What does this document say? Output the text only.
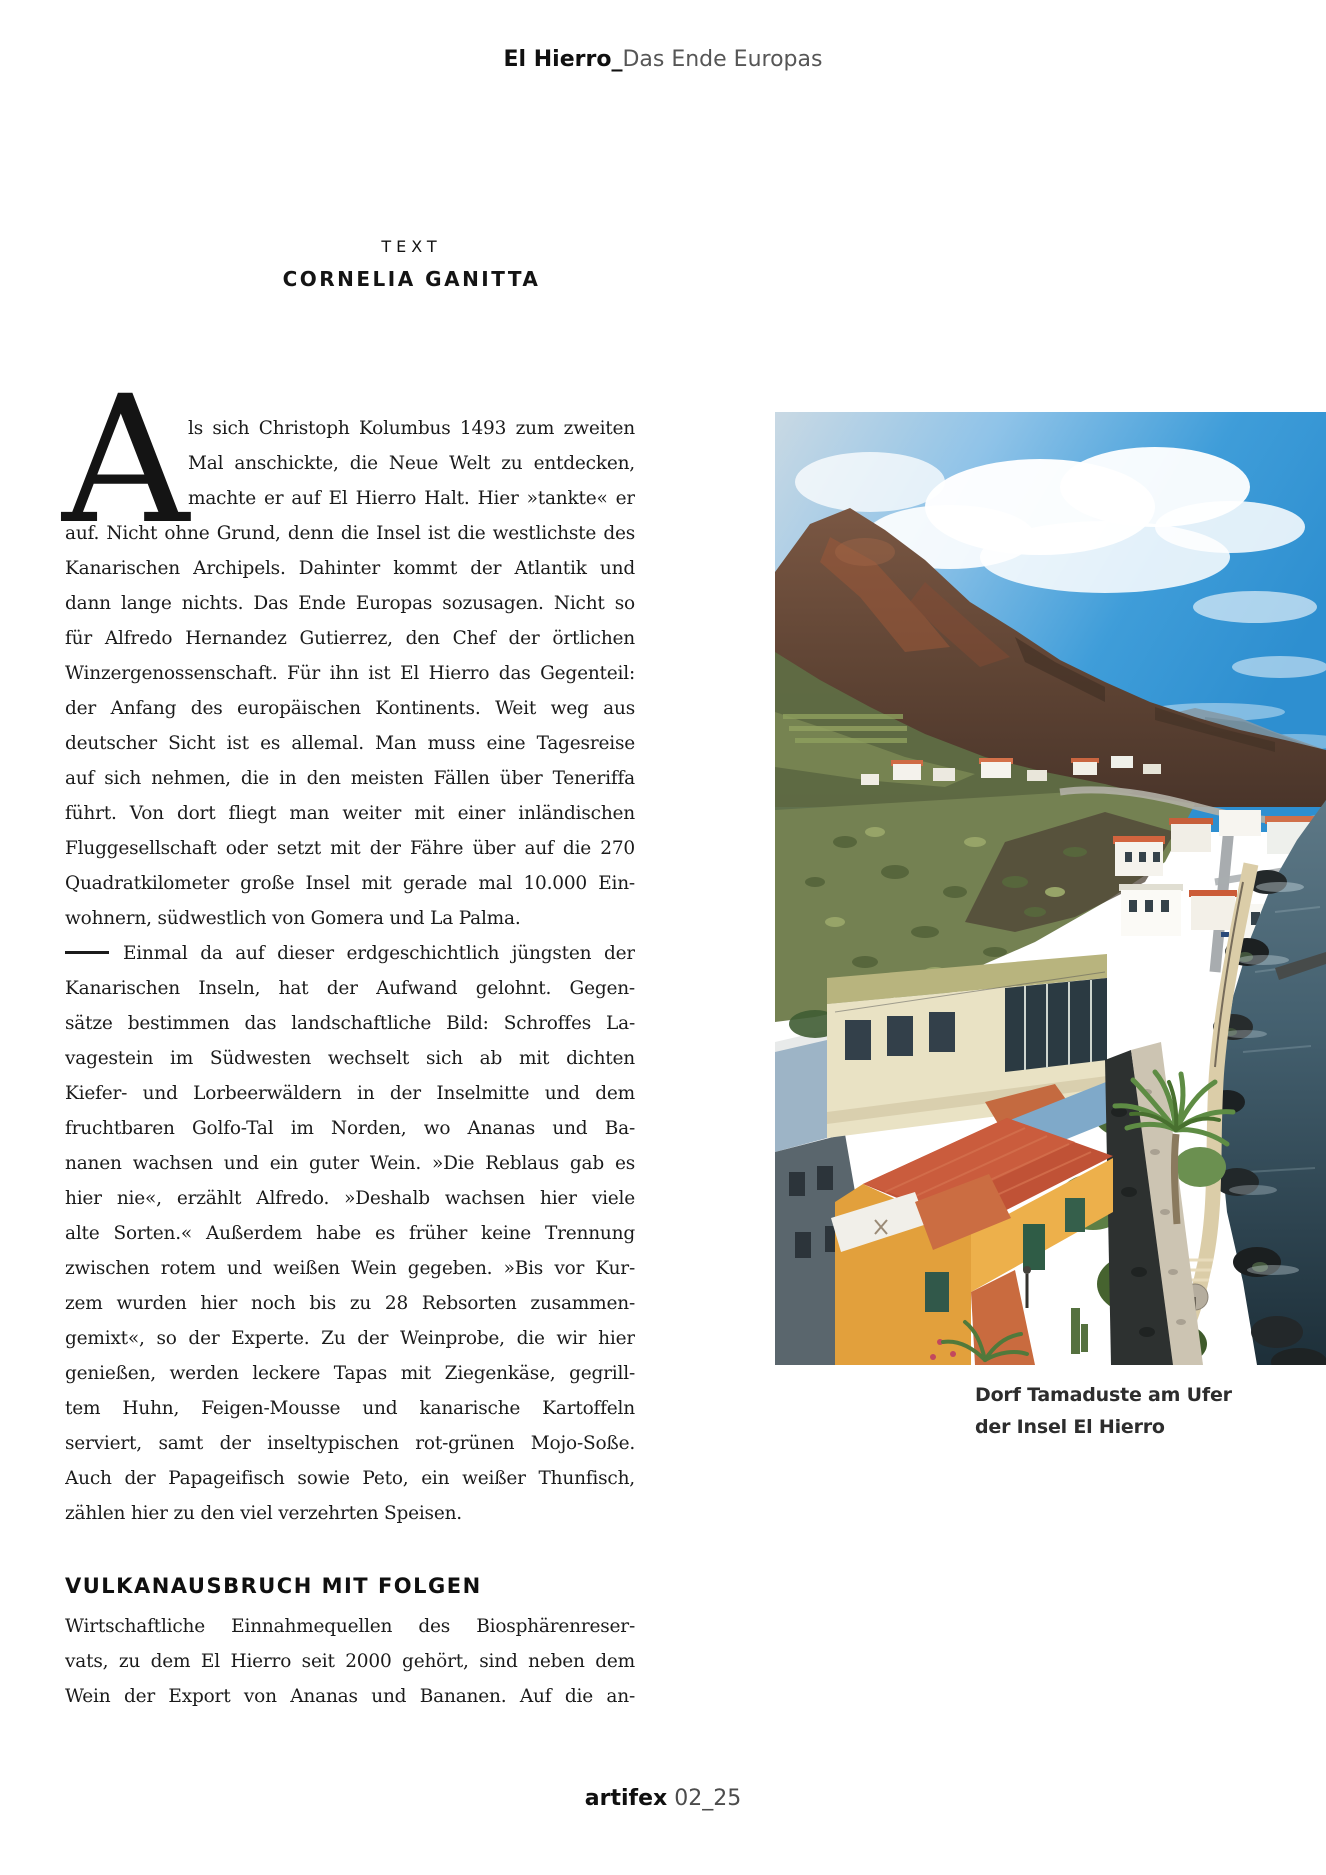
El Hierro_Das Ende Europas
TEXT
CORNELIA GANITTA
A ls sich Christoph Kolumbus 1493 zum zweiten
Mal anschickte, die Neue Welt zu entdecken,
machte er auf El Hierro Halt. Hier »tankte« er
auf. Nicht ohne Grund, denn die Insel ist die westlichste des
Kanarischen Archipels. Dahinter kommt der Atlantik und
dann lange nichts. Das Ende Europas sozusagen. Nicht so
für Alfredo Hernandez Gutierrez, den Chef der örtlichen
Winzergenossenschaft. Für ihn ist El Hierro das Gegenteil:
der Anfang des europäischen Kontinents. Weit weg aus
deutscher Sicht ist es allemal. Man muss eine Tagesreise
auf sich nehmen, die in den meisten Fällen über Teneriffa
führt. Von dort fliegt man weiter mit einer inländischen
Fluggesellschaft oder setzt mit der Fähre über auf die 270
Quadratkilometer große Insel mit gerade mal 10.000 Ein-
wohnern, südwestlich von Gomera und La Palma.
Einmal da auf dieser erdgeschichtlich jüngsten der
Kanarischen Inseln, hat der Aufwand gelohnt. Gegen-
sätze bestimmen das landschaftliche Bild: Schroffes La-
vagestein im Südwesten wechselt sich ab mit dichten
Kiefer- und Lorbeerwäldern in der Inselmitte und dem
fruchtbaren Golfo-Tal im Norden, wo Ananas und Ba-
nanen wachsen und ein guter Wein. »Die Reblaus gab es
hier nie«, erzählt Alfredo. »Deshalb wachsen hier viele
alte Sorten.« Außerdem habe es früher keine Trennung
zwischen rotem und weißen Wein gegeben. »Bis vor Kur-
zem wurden hier noch bis zu 28 Rebsorten zusammen-
gemixt«, so der Experte. Zu der Weinprobe, die wir hier
genießen, werden leckere Tapas mit Ziegenkäse, gegrill-
tem Huhn, Feigen-Mousse und kanarische Kartoffeln
serviert, samt der inseltypischen rot-grünen Mojo-Soße.
Auch der Papageifisch sowie Peto, ein weißer Thunfisch,
zählen hier zu den viel verzehrten Speisen.
VULKANAUSBRUCH MIT FOLGEN
Wirtschaftliche Einnahmequellen des Biosphärenreser-
vats, zu dem El Hierro seit 2000 gehört, sind neben dem
Wein der Export von Ananas und Bananen. Auf die an-
Dorf Tamaduste am Ufer
der Insel El Hierro
artifex 02_25
